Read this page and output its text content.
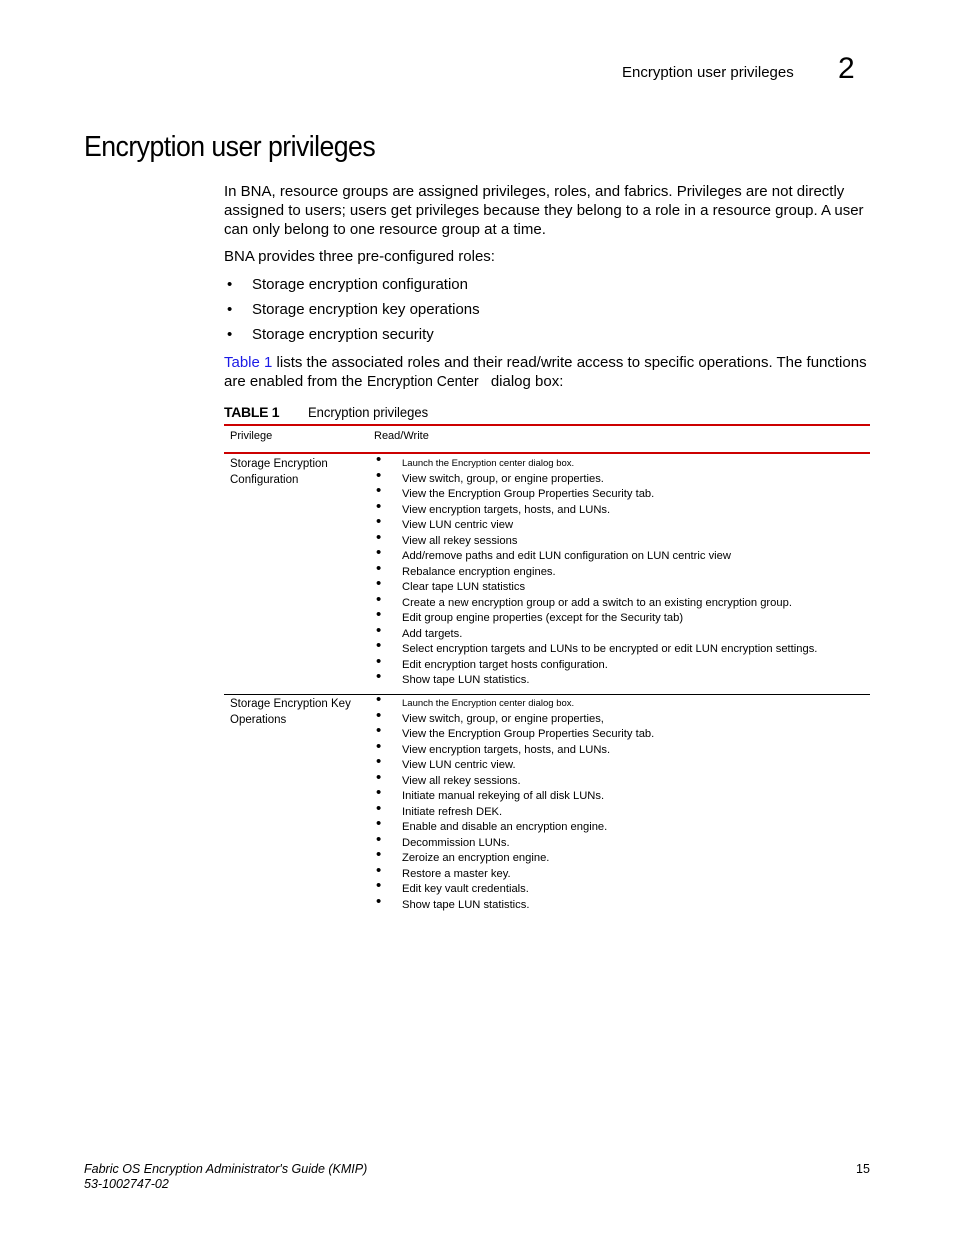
Encryption user privileges 2
Encryption user privileges

In BNA, resource groups are assigned privileges, roles, and fabrics. Privileges are not directly assigned to users; users get privileges because they belong to a role in a resource group. A user can only belong to one resource group at a time.

BNA provides three pre-configured roles:

• Storage encryption configuration
• Storage encryption key operations
• Storage encryption security

Table 1 lists the associated roles and their read/write access to specific operations. The functions are enabled from the Encryption Center dialog box:

TABLE 1 Encryption privileges
Privilege	Read/Write
Storage Encryption Configuration
• Launch the Encryption center dialog box.
• View switch, group, or engine properties.
• View the Encryption Group Properties Security tab.
• View encryption targets, hosts, and LUNs.
• View LUN centric view
• View all rekey sessions
• Add/remove paths and edit LUN configuration on LUN centric view
• Rebalance encryption engines.
• Clear tape LUN statistics
• Create a new encryption group or add a switch to an existing encryption group.
• Edit group engine properties (except for the Security tab)
• Add targets.
• Select encryption targets and LUNs to be encrypted or edit LUN encryption settings.
• Edit encryption target hosts configuration.
• Show tape LUN statistics.
Storage Encryption Key Operations
• Launch the Encryption center dialog box.
• View switch, group, or engine properties,
• View the Encryption Group Properties Security tab.
• View encryption targets, hosts, and LUNs.
• View LUN centric view.
• View all rekey sessions.
• Initiate manual rekeying of all disk LUNs.
• Initiate refresh DEK.
• Enable and disable an encryption engine.
• Decommission LUNs.
• Zeroize an encryption engine.
• Restore a master key.
• Edit key vault credentials.
• Show tape LUN statistics.
Fabric OS Encryption Administrator's Guide (KMIP)
53-1002747-02
15
